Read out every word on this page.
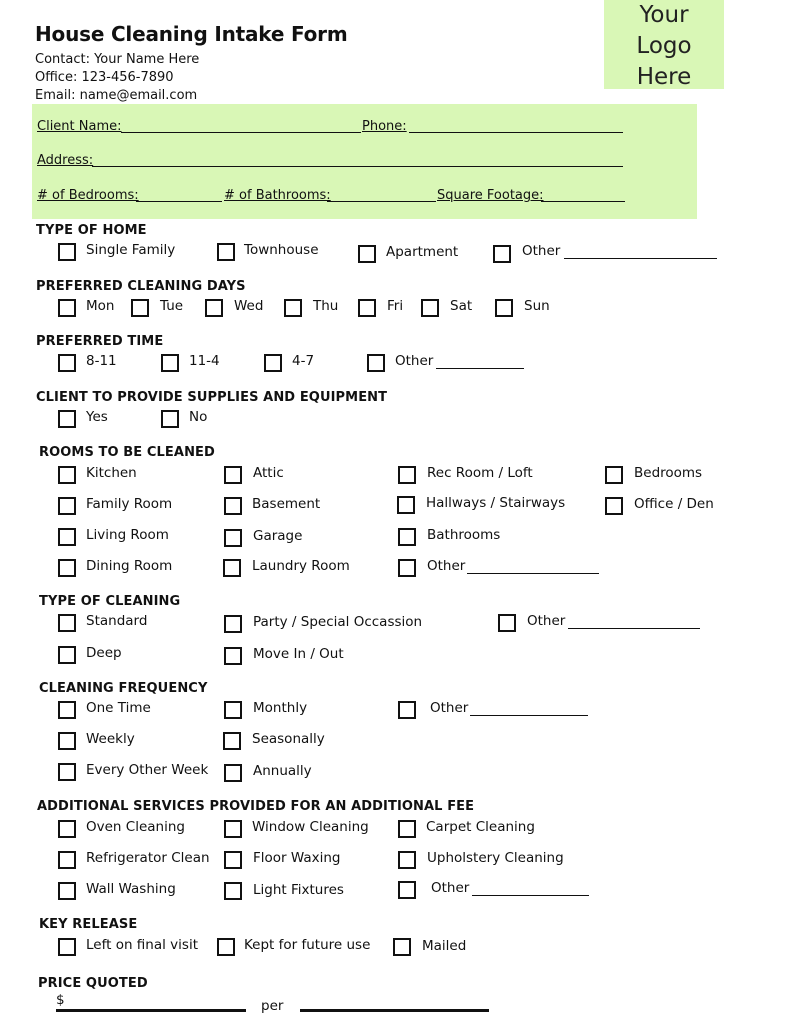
House Cleaning Intake Form
Contact: Your Name Here
Office: 123-456-7890
Email: name@email.com
Your
Logo
Here
Client Name:	Phone:
Address:
# of Bedrooms:	# of Bathrooms:	Square Footage:
TYPE OF HOME
Single Family	Townhouse	Apartment	Other
PREFERRED CLEANING DAYS
Mon	Tue	Wed	Thu	Fri	Sat	Sun
PREFERRED TIME
8-11	11-4	4-7	Other
CLIENT TO PROVIDE SUPPLIES AND EQUIPMENT
Yes	No
ROOMS TO BE CLEANED
Kitchen	Attic	Rec Room / Loft	Bedrooms
Family Room	Basement	Hallways / Stairways	Office / Den
Living Room	Garage	Bathrooms
Dining Room	Laundry Room	Other
TYPE OF CLEANING
Standard	Party / Special Occassion	Other
Deep	Move In / Out
CLEANING FREQUENCY
One Time	Monthly	Other
Weekly	Seasonally
Every Other Week	Annually
ADDITIONAL SERVICES PROVIDED FOR AN ADDITIONAL FEE
Oven Cleaning	Window Cleaning	Carpet Cleaning
Refrigerator Clean	Floor Waxing	Upholstery Cleaning
Wall Washing	Light Fixtures	Other
KEY RELEASE
Left on final visit	Kept for future use	Mailed
PRICE QUOTED
$	per
